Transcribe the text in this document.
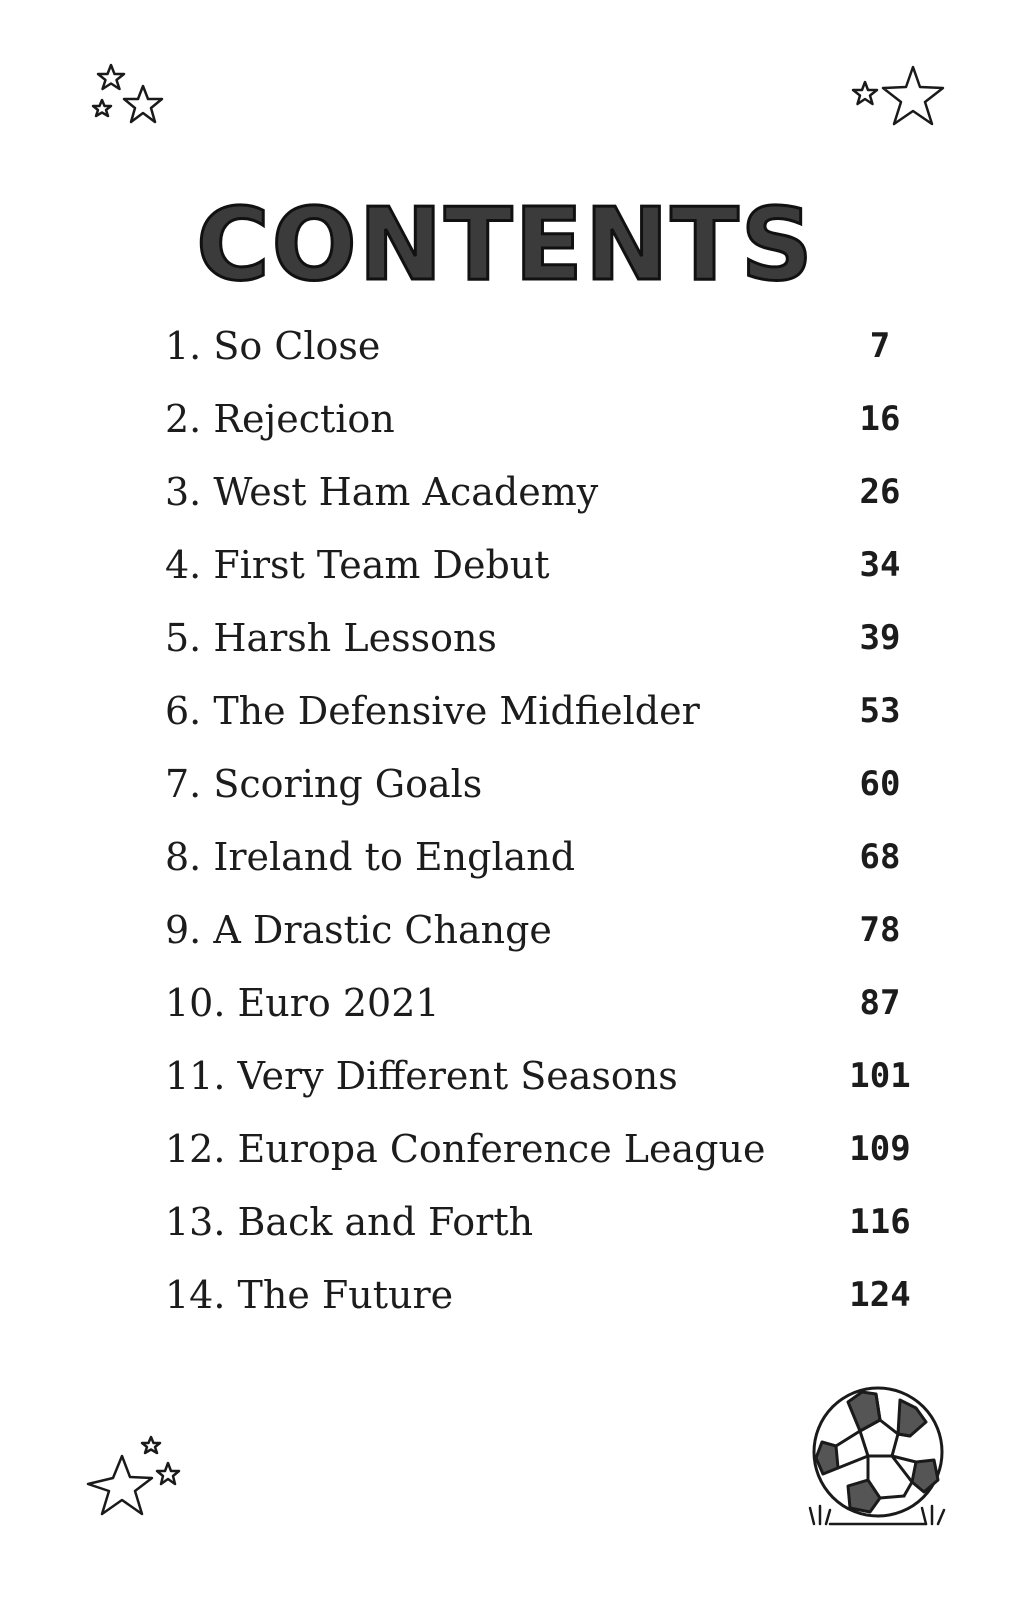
CONTENTS
1. So Close	7
2. Rejection	16
3. West Ham Academy	26
4. First Team Debut	34
5. Harsh Lessons	39
6. The Defensive Midfielder	53
7. Scoring Goals	60
8. Ireland to England	68
9. A Drastic Change	78
10. Euro 2021	87
11. Very Different Seasons	101
12. Europa Conference League	109
13. Back and Forth	116
14. The Future	124
